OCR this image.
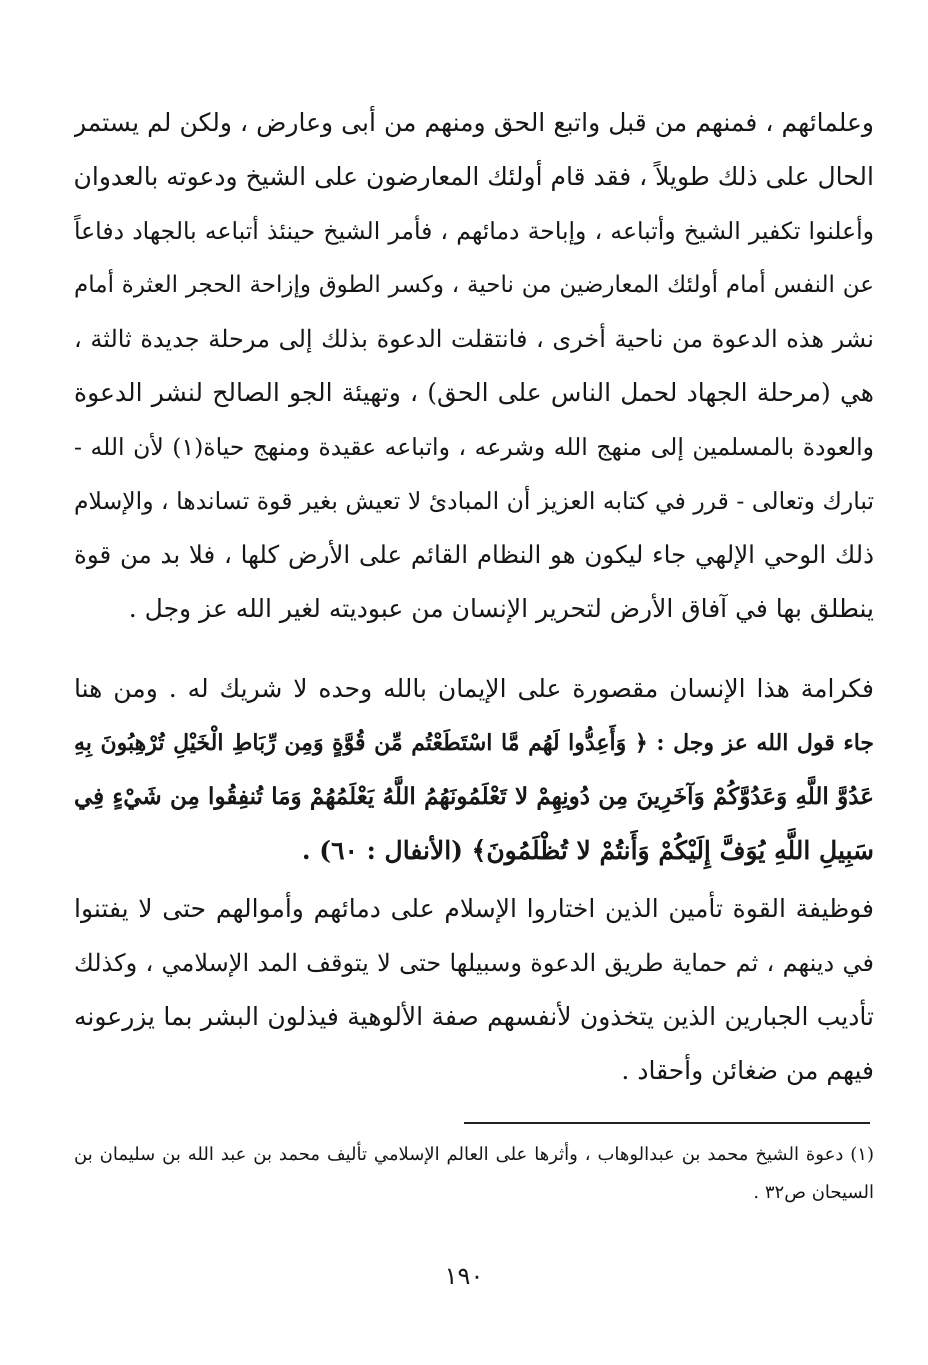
وعلمائهم ، فمنهم من قبل واتبع الحق ومنهم من أبى وعارض ، ولكن لم يستمر
الحال على ذلك طويلاً ، فقد قام أولئك المعارضون على الشيخ ودعوته بالعدوان
وأعلنوا تكفير الشيخ وأتباعه ، وإباحة دمائهم ، فأمر الشيخ حينئذ أتباعه بالجهاد دفاعاً
عن النفس أمام أولئك المعارضين من ناحية ، وكسر الطوق وإزاحة الحجر العثرة أمام
نشر هذه الدعوة من ناحية أخرى ، فانتقلت الدعوة بذلك إلى مرحلة جديدة ثالثة ،
هي (مرحلة الجهاد لحمل الناس على الحق) ، وتهيئة الجو الصالح لنشر الدعوة
والعودة بالمسلمين إلى منهج الله وشرعه ، واتباعه عقيدة ومنهج حياة(١) لأن الله -
تبارك وتعالى - قرر في كتابه العزيز أن المبادئ لا تعيش بغير قوة تساندها ، والإسلام
ذلك الوحي الإلهي جاء ليكون هو النظام القائم على الأرض كلها ، فلا بد من قوة
ينطلق بها في آفاق الأرض لتحرير الإنسان من عبوديته لغير الله عز وجل .
فكرامة هذا الإنسان مقصورة على الإيمان بالله وحده لا شريك له . ومن هنا
جاء قول الله عز وجل : ﴿ وَأَعِدُّوا لَهُم مَّا اسْتَطَعْتُم مِّن قُوَّةٍ وَمِن رِّبَاطِ الْخَيْلِ تُرْهِبُونَ بِهِ
عَدُوَّ اللَّهِ وَعَدُوَّكُمْ وَآخَرِينَ مِن دُونِهِمْ لا تَعْلَمُونَهُمُ اللَّهُ يَعْلَمُهُمْ وَمَا تُنفِقُوا مِن شَيْءٍ فِي
سَبِيلِ اللَّهِ يُوَفَّ إِلَيْكُمْ وَأَنتُمْ لا تُظْلَمُونَ﴾ (الأنفال : ٦٠) .
فوظيفة القوة تأمين الذين اختاروا الإسلام على دمائهم وأموالهم حتى لا يفتنوا
في دينهم ، ثم حماية طريق الدعوة وسبيلها حتى لا يتوقف المد الإسلامي ، وكذلك
تأديب الجبارين الذين يتخذون لأنفسهم صفة الألوهية فيذلون البشر بما يزرعونه
فيهم من ضغائن وأحقاد .
(١) دعوة الشيخ محمد بن عبدالوهاب ، وأثرها على العالم الإسلامي تأليف محمد بن عبد الله بن سليمان بن
السيحان ص٣٢ .
١٩٠
